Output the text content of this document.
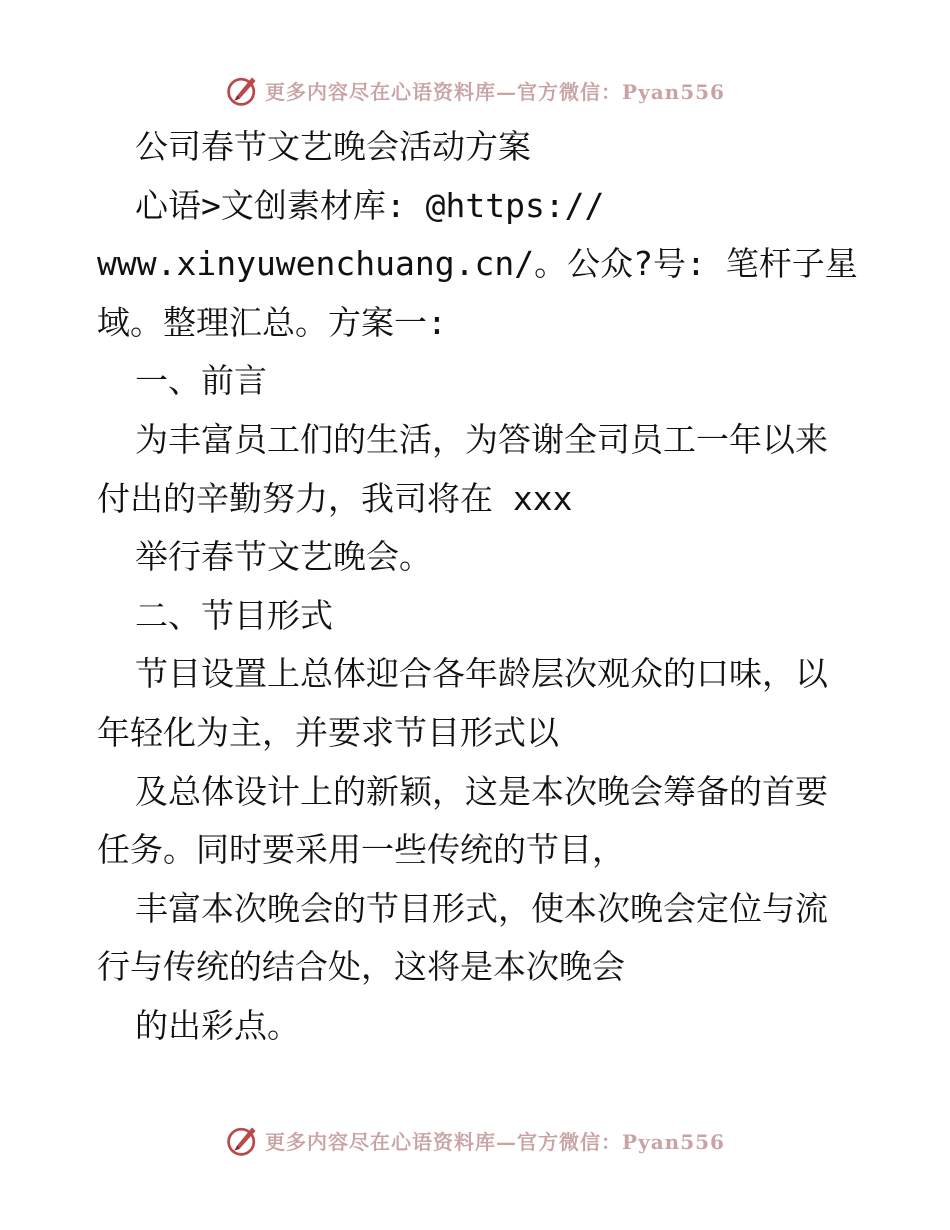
更多内容尽在心语资料库—官方微信：Pyan556
公司春节文艺晚会活动方案
心语>文创素材库: @https://
www.xinyuwenchuang.cn/。公众?号: 笔杆子星
域。整理汇总。方案一:
一、前言
为丰富员工们的生活，为答谢全司员工一年以来
付出的辛勤努力，我司将在 xxx
举行春节文艺晚会。
二、节目形式
节目设置上总体迎合各年龄层次观众的口味，以
年轻化为主，并要求节目形式以
及总体设计上的新颖，这是本次晚会筹备的首要
任务。同时要采用一些传统的节目，
丰富本次晚会的节目形式，使本次晚会定位与流
行与传统的结合处，这将是本次晚会
的出彩点。
更多内容尽在心语资料库—官方微信：Pyan556
